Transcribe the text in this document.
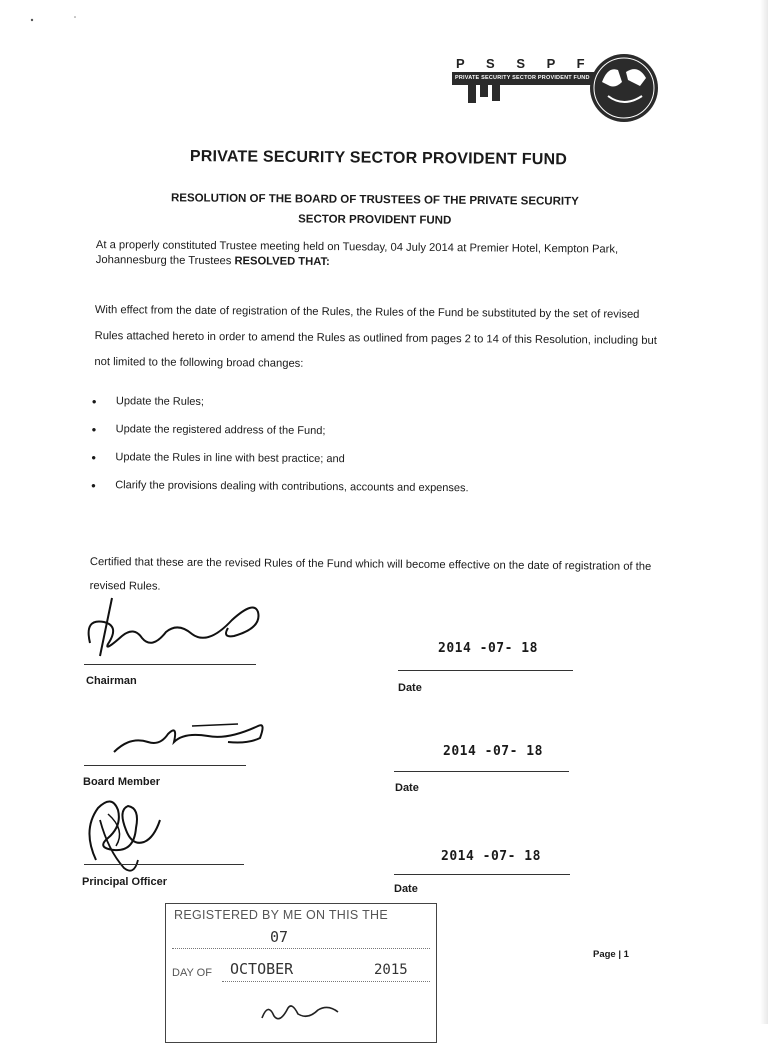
P S S P F
PRIVATE SECURITY SECTOR PROVIDENT FUND
PRIVATE SECURITY SECTOR PROVIDENT FUND
RESOLUTION OF THE BOARD OF TRUSTEES OF THE PRIVATE SECURITY
SECTOR PROVIDENT FUND
At a properly constituted Trustee meeting held on Tuesday, 04 July 2014 at Premier Hotel, Kempton Park, Johannesburg the Trustees RESOLVED THAT:
With effect from the date of registration of the Rules, the Rules of the Fund be substituted by the set of revised Rules attached hereto in order to amend the Rules as outlined from pages 2 to 14 of this Resolution, including but not limited to the following broad changes:
• Update the Rules;
• Update the registered address of the Fund;
• Update the Rules in line with best practice; and
• Clarify the provisions dealing with contributions, accounts and expenses.
Certified that these are the revised Rules of the Fund which will become effective on the date of registration of the revised Rules.
Chairman
2014 -07- 18
Date
Board Member
2014 -07- 18
Date
Principal Officer
2014 -07- 18
Date
REGISTERED BY ME ON THIS THE
07
DAY OF OCTOBER	2015
Page | 1
